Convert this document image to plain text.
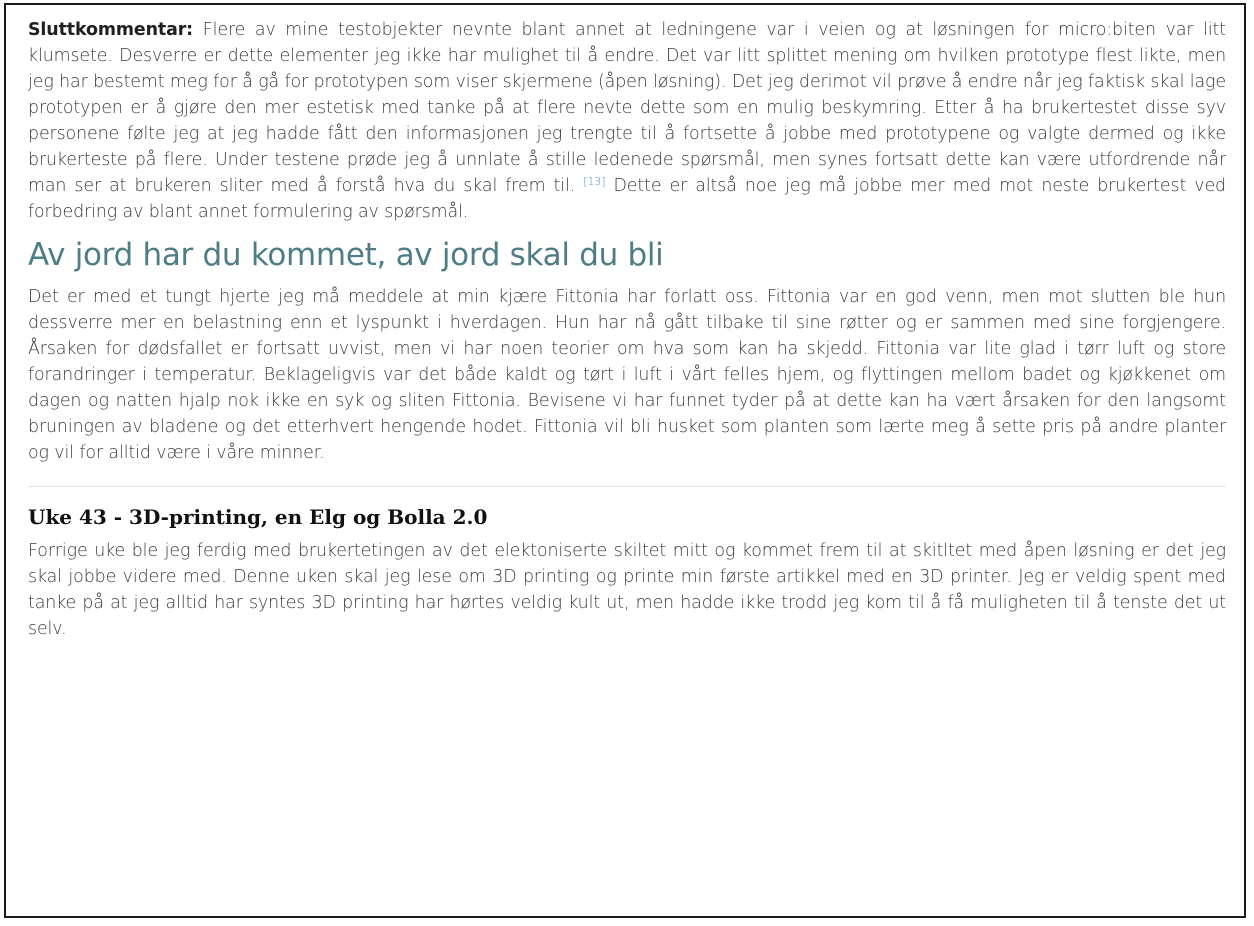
Sluttkommentar: Flere av mine testobjekter nevnte blant annet at ledningene var i veien og at løsningen for micro:biten var litt klumsete. Desverre er dette elementer jeg ikke har mulighet til å endre. Det var litt splittet mening om hvilken prototype flest likte, men jeg har bestemt meg for å gå for prototypen som viser skjermene (åpen løsning). Det jeg derimot vil prøve å endre når jeg faktisk skal lage prototypen er å gjøre den mer estetisk med tanke på at flere nevte dette som en mulig beskymring. Etter å ha brukertestet disse syv personene følte jeg at jeg hadde fått den informasjonen jeg trengte til å fortsette å jobbe med prototypene og valgte dermed og ikke brukerteste på flere. Under testene prøde jeg å unnlate å stille ledenede spørsmål, men synes fortsatt dette kan være utfordrende når man ser at brukeren sliter med å forstå hva du skal frem til. [13] Dette er altså noe jeg må jobbe mer med mot neste brukertest ved forbedring av blant annet formulering av spørsmål.

Av jord har du kommet, av jord skal du bli

Det er med et tungt hjerte jeg må meddele at min kjære Fittonia har forlatt oss. Fittonia var en god venn, men mot slutten ble hun dessverre mer en belastning enn et lyspunkt i hverdagen. Hun har nå gått tilbake til sine røtter og er sammen med sine forgjengere. Årsaken for dødsfallet er fortsatt uvvist, men vi har noen teorier om hva som kan ha skjedd. Fittonia var lite glad i tørr luft og store forandringer i temperatur. Beklageligvis var det både kaldt og tørt i luft i vårt felles hjem, og flyttingen mellom badet og kjøkkenet om dagen og natten hjalp nok ikke en syk og sliten Fittonia. Bevisene vi har funnet tyder på at dette kan ha vært årsaken for den langsomt bruningen av bladene og det etterhvert hengende hodet. Fittonia vil bli husket som planten som lærte meg å sette pris på andre planter og vil for alltid være i våre minner.

Uke 43 - 3D-printing, en Elg og Bolla 2.0

Forrige uke ble jeg ferdig med brukertetingen av det elektoniserte skiltet mitt og kommet frem til at skitltet med åpen løsning er det jeg skal jobbe videre med. Denne uken skal jeg lese om 3D printing og printe min første artikkel med en 3D printer. Jeg er veldig spent med tanke på at jeg alltid har syntes 3D printing har hørtes veldig kult ut, men hadde ikke trodd jeg kom til å få muligheten til å tenste det ut selv.
